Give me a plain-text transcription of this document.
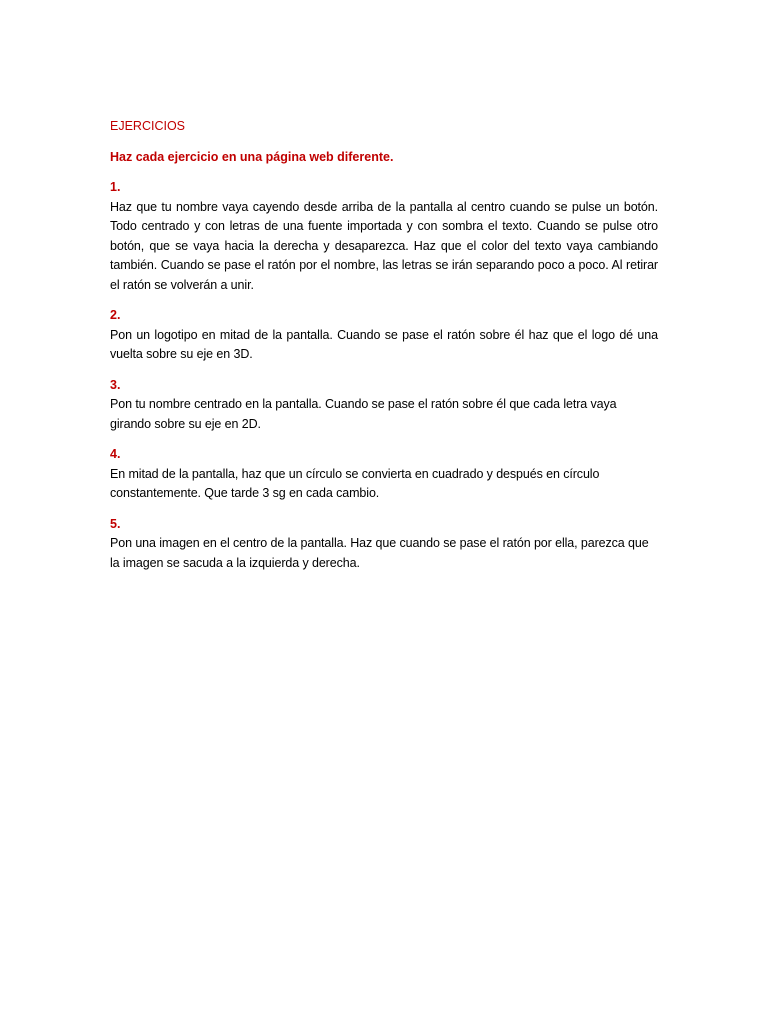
EJERCICIOS
Haz cada ejercicio en una página web diferente.
1.
Haz que tu nombre vaya cayendo desde arriba de la pantalla al centro cuando se pulse un botón. Todo centrado y con letras de una fuente importada y con sombra el texto. Cuando se pulse otro botón, que se vaya hacia la derecha y desaparezca. Haz que el color del texto vaya cambiando también. Cuando se pase el ratón por el nombre, las letras se irán separando poco a poco. Al retirar el ratón se volverán a unir.
2.
Pon un logotipo en mitad de la pantalla. Cuando se pase el ratón sobre él haz que el logo dé una vuelta sobre su eje en 3D.
3.
Pon tu nombre centrado en la pantalla. Cuando se pase el ratón sobre él que cada letra vaya girando sobre su eje en 2D.
4.
En mitad de la pantalla, haz que un círculo se convierta en cuadrado y después en círculo constantemente. Que tarde 3 sg en cada cambio.
5.
Pon una imagen en el centro de la pantalla. Haz que cuando se pase el ratón por ella, parezca que la imagen se sacuda a la izquierda y derecha.
